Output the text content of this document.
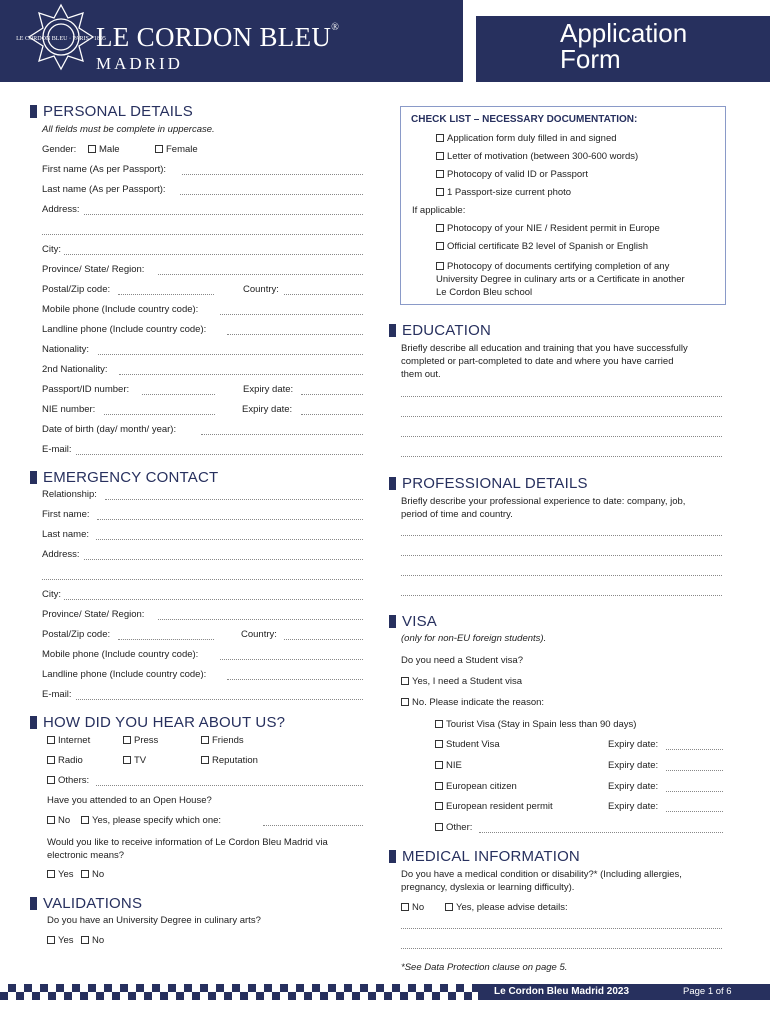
LE CORDON BLEU · PARIS · 1895
LE CORDON BLEU®
MADRID
Application
Form
PERSONAL DETAILS
All fields must be complete in uppercase.
Gender:	Male	Female
First name (As per Passport):
Last name (As per Passport):
Address:
City:
Province/ State/ Region:
Postal/Zip code:	Country:
Mobile phone (Include country code):
Landline phone (Include country code):
Nationality:
2nd Nationality:
Passport/ID number:	Expiry date:
NIE number:	Expiry date:
Date of birth (day/ month/ year):
E-mail:
CHECK LIST – NECESSARY DOCUMENTATION:
Application form duly filled in and signed
Letter of motivation (between 300-600 words)
Photocopy of valid ID or Passport
1 Passport-size current photo
If applicable:
Photocopy of your NIE / Resident permit in Europe
Official certificate B2 level of Spanish or English
Photocopy of documents certifying completion of any
University Degree in culinary arts or a Certificate in another
Le Cordon Bleu school
EDUCATION
Briefly describe all education and training that you have successfully
completed or part-completed to date and where you have carried
them out.
EMERGENCY CONTACT
Relationship:
First name:
Last name:
Address:
City:
Province/ State/ Region:
Postal/Zip code:	Country:
Mobile phone (Include country code):
Landline phone (Include country code):
E-mail:
PROFESSIONAL DETAILS
Briefly describe your professional experience to date: company, job,
period of time and country.
VISA
(only for non-EU foreign students).
Do you need a Student visa?
Yes, I need a Student visa
No. Please indicate the reason:
Tourist Visa (Stay in Spain less than 90 days)
Student Visa	Expiry date:
NIE	Expiry date:
European citizen	Expiry date:
European resident permit	Expiry date:
Other:
HOW DID YOU HEAR ABOUT US?
Internet	Press	Friends
Radio	TV	Reputation
Others:
Have you attended to an Open House?
No	Yes, please specify which one:
Would you like to receive information of Le Cordon Bleu Madrid via
electronic means?
Yes	No
MEDICAL INFORMATION
Do you have a medical condition or disability?* (Including allergies,
pregnancy, dyslexia or learning difficulty).
No	Yes, please advise details:
*See Data Protection clause on page 5.
VALIDATIONS
Do you have an University Degree in culinary arts?
Yes	No
Le Cordon Bleu Madrid 2023	Page 1 of 6
